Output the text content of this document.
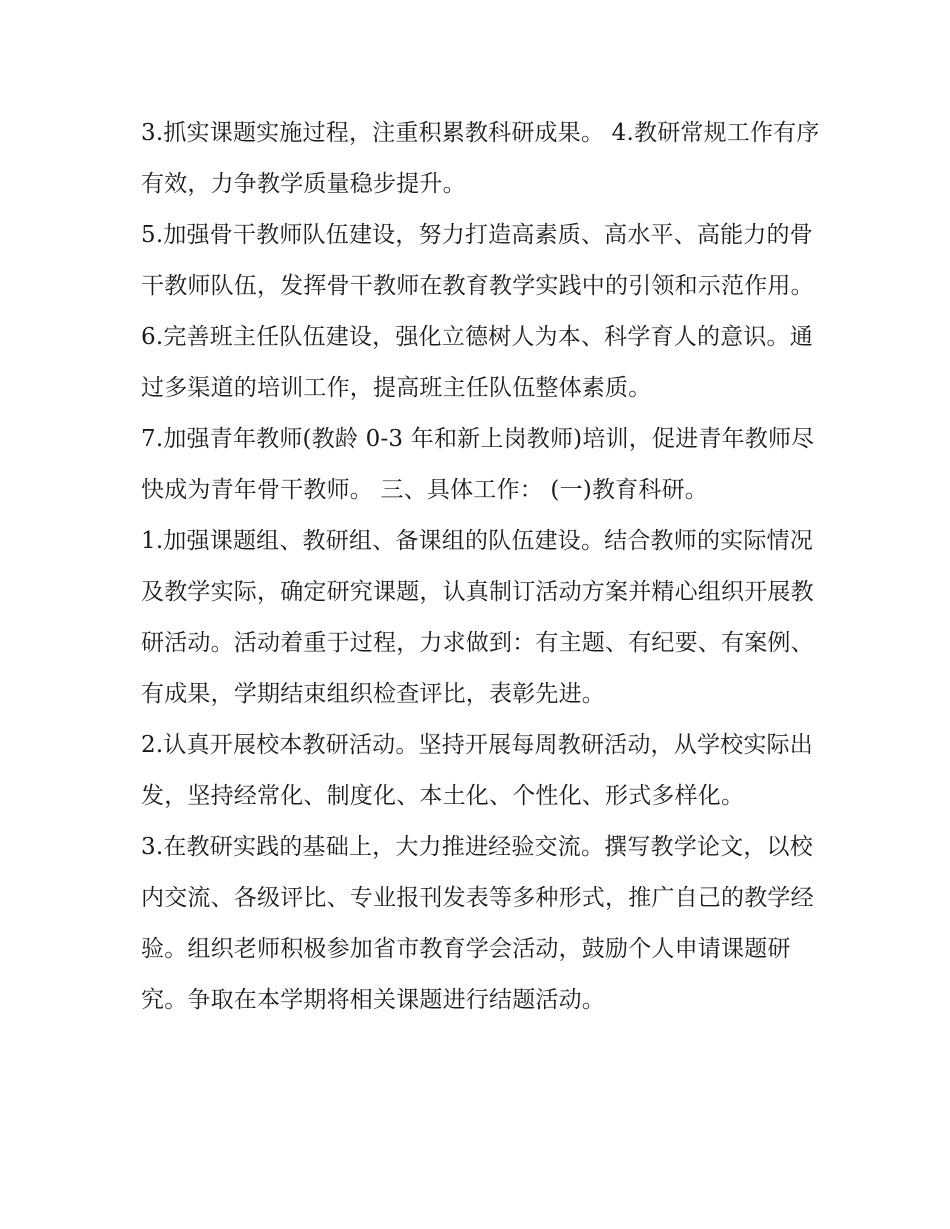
3.抓实课题实施过程，注重积累教科研成果。 4.教研常规工作有序有效，力争教学质量稳步提升。

5.加强骨干教师队伍建设，努力打造高素质、高水平、高能力的骨干教师队伍，发挥骨干教师在教育教学实践中的引领和示范作用。

6.完善班主任队伍建设，强化立德树人为本、科学育人的意识。通过多渠道的培训工作，提高班主任队伍整体素质。

7.加强青年教师(教龄 0-3 年和新上岗教师)培训，促进青年教师尽快成为青年骨干教师。 三、具体工作： (一)教育科研。

1.加强课题组、教研组、备课组的队伍建设。结合教师的实际情况及教学实际，确定研究课题，认真制订活动方案并精心组织开展教研活动。活动着重于过程，力求做到：有主题、有纪要、有案例、有成果，学期结束组织检查评比，表彰先进。

2.认真开展校本教研活动。坚持开展每周教研活动，从学校实际出发，坚持经常化、制度化、本土化、个性化、形式多样化。

3.在教研实践的基础上，大力推进经验交流。撰写教学论文，以校内交流、各级评比、专业报刊发表等多种形式，推广自己的教学经验。组织老师积极参加省市教育学会活动，鼓励个人申请课题研究。争取在本学期将相关课题进行结题活动。
